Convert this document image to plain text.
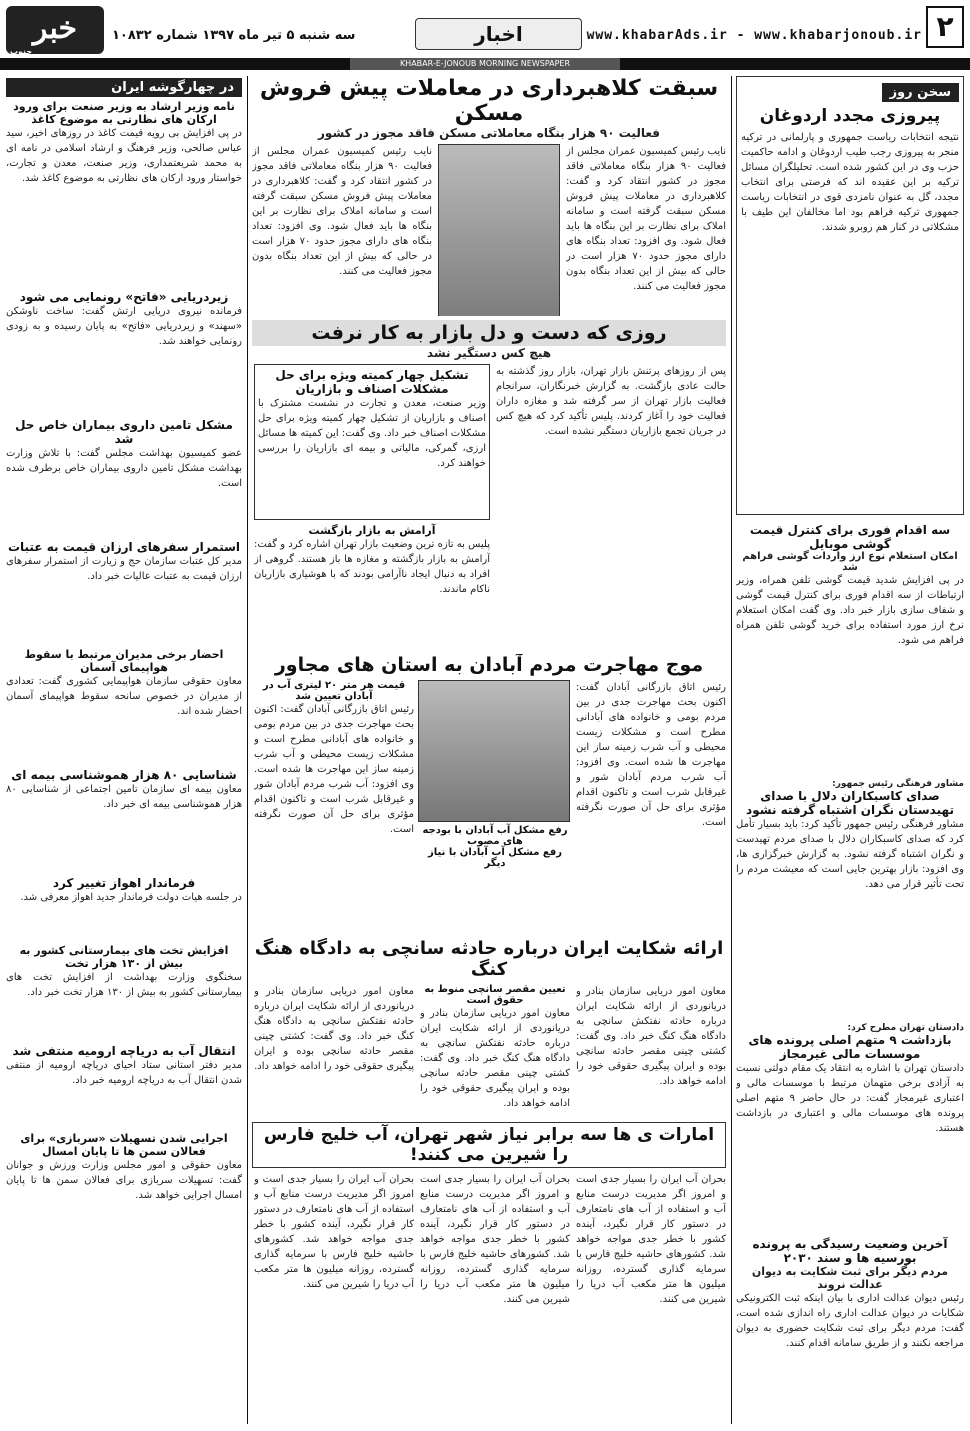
۲
www.khabarAds.ir - www.khabarjonoub.ir
اخبار
سه شنبه ۵ تیر ماه ۱۳۹۷ شماره ۱۰۸۳۲
خبر
جنوب
KHABAR-E-JONOUB MORNING NEWSPAPER
سخن روز

پیروزی مجدد اردوغان

نتیجه انتخابات ریاست جمهوری و پارلمانی در ترکیه منجر به پیروزی رجب طیب اردوغان و ادامه حاکمیت حزب وی در این کشور شده است. تحلیلگران مسائل ترکیه بر این عقیده اند که فرصتی برای انتخاب مجدد، گل به عنوان نامزدی قوی در انتخابات ریاست جمهوری ترکیه فراهم بود اما مخالفان این طیف با مشکلاتی در کنار هم روبرو شدند.

سه اقدام فوری برای کنترل قیمت گوشی موبایل

امکان استعلام نوع ارز واردات گوشی فراهم شد

در پی افزایش شدید قیمت گوشی تلفن همراه، وزیر ارتباطات از سه اقدام فوری برای کنترل قیمت گوشی و شفاف سازی بازار خبر داد. وی گفت امکان استعلام نرخ ارز مورد استفاده برای خرید گوشی تلفن همراه فراهم می شود.

مشاور فرهنگی رئیس جمهور:

صدای کاسبکاران دلال با صدای تهیدستان نگران اشتباه گرفته نشود

مشاور فرهنگی رئیس جمهور تأکید کرد: باید بسیار تأمل کرد که صدای کاسبکاران دلال با صدای مردم تهیدست و نگران اشتباه گرفته نشود. به گزارش خبرگزاری ها، وی افزود: بازار بهترین جایی است که معیشت مردم را تحت تأثیر قرار می دهد.

دادستان تهران مطرح کرد:

بازداشت ۹ متهم اصلی پرونده های موسسات مالی غیرمجاز

دادستان تهران با اشاره به انتقاد یک مقام دولتی نسبت به آزادی برخی متهمان مرتبط با موسسات مالی و اعتباری غیرمجاز گفت: در حال حاضر ۹ متهم اصلی پرونده های موسسات مالی و اعتباری در بازداشت هستند.

آخرین وضعیت رسیدگی به پرونده بورسیه ها و سند ۲۰۳۰

مردم دیگر برای ثبت شکایت به دیوان عدالت نروند

رئیس دیوان عدالت اداری با بیان اینکه ثبت الکترونیکی شکایات در دیوان عدالت اداری راه اندازی شده است، گفت: مردم دیگر برای ثبت شکایت حضوری به دیوان مراجعه نکنند و از طریق سامانه اقدام کنند.

سبقت کلاهبرداری در معاملات پیش فروش مسکن

فعالیت ۹۰ هزار بنگاه معاملاتی مسکن فاقد مجوز در کشور

نایب رئیس کمیسیون عمران مجلس از فعالیت ۹۰ هزار بنگاه معاملاتی فاقد مجوز در کشور انتقاد کرد و گفت: کلاهبرداری در معاملات پیش فروش مسکن سبقت گرفته است و سامانه املاک برای نظارت بر این بنگاه ها باید فعال شود. وی افزود: تعداد بنگاه های دارای مجوز حدود ۷۰ هزار است در حالی که بیش از این تعداد بنگاه بدون مجوز فعالیت می کنند.

نایب رئیس کمیسیون عمران مجلس از فعالیت ۹۰ هزار بنگاه معاملاتی فاقد مجوز در کشور انتقاد کرد و گفت: کلاهبرداری در معاملات پیش فروش مسکن سبقت گرفته است و سامانه املاک برای نظارت بر این بنگاه ها باید فعال شود. وی افزود: تعداد بنگاه های دارای مجوز حدود ۷۰ هزار است در حالی که بیش از این تعداد بنگاه بدون مجوز فعالیت می کنند.

روزی که دست و دل بازار به کار نرفت

هیچ کس دستگیر نشد

پس از روزهای پرتنش بازار تهران، بازار روز گذشته به حالت عادی بازگشت. به گزارش خبرنگاران، سرانجام فعالیت بازار تهران از سر گرفته شد و مغازه داران فعالیت خود را آغاز کردند. پلیس تأکید کرد که هیچ کس در جریان تجمع بازاریان دستگیر نشده است.

تشکیل چهار کمیته ویژه برای حل مشکلات اصناف و بازاریان

وزیر صنعت، معدن و تجارت در نشست مشترک با اصناف و بازاریان از تشکیل چهار کمیته ویژه برای حل مشکلات اصناف خبر داد. وی گفت: این کمیته ها مسائل ارزی، گمرکی، مالیاتی و بیمه ای بازاریان را بررسی خواهند کرد.

آرامش به بازار بازگشت

پلیس به تازه ترین وضعیت بازار تهران اشاره کرد و گفت: آرامش به بازار بازگشته و مغازه ها باز هستند. گروهی از افراد به دنبال ایجاد ناآرامی بودند که با هوشیاری بازاریان ناکام ماندند.

موج مهاجرت مردم آبادان به استان های مجاور

رئیس اتاق بازرگانی آبادان گفت: اکنون بحث مهاجرت جدی در بین مردم بومی و خانواده های آبادانی مطرح است و مشکلات زیست محیطی و آب شرب زمینه ساز این مهاجرت ها شده است. وی افزود: آب شرب مردم آبادان شور و غیرقابل شرب است و تاکنون اقدام مؤثری برای حل آن صورت نگرفته است.

رفع مشکل آب آبادان با بودجه های مصوب

رفع مشکل آب آبادان با نیاز دیگر

قیمت هر متر ۲۰ لیتری آب در آبادان تعیین شد

رئیس اتاق بازرگانی آبادان گفت: اکنون بحث مهاجرت جدی در بین مردم بومی و خانواده های آبادانی مطرح است و مشکلات زیست محیطی و آب شرب زمینه ساز این مهاجرت ها شده است. وی افزود: آب شرب مردم آبادان شور و غیرقابل شرب است و تاکنون اقدام مؤثری برای حل آن صورت نگرفته است.

ارائه شکایت ایران درباره حادثه سانچی به دادگاه هنگ کنگ

معاون امور دریایی سازمان بنادر و دریانوردی از ارائه شکایت ایران درباره حادثه نفتکش سانچی به دادگاه هنگ کنگ خبر داد. وی گفت: کشتی چینی مقصر حادثه سانچی بوده و ایران پیگیری حقوقی خود را ادامه خواهد داد.

تعیین مقصر سانچی منوط به حقوق است

معاون امور دریایی سازمان بنادر و دریانوردی از ارائه شکایت ایران درباره حادثه نفتکش سانچی به دادگاه هنگ کنگ خبر داد. وی گفت: کشتی چینی مقصر حادثه سانچی بوده و ایران پیگیری حقوقی خود را ادامه خواهد داد.

معاون امور دریایی سازمان بنادر و دریانوردی از ارائه شکایت ایران درباره حادثه نفتکش سانچی به دادگاه هنگ کنگ خبر داد. وی گفت: کشتی چینی مقصر حادثه سانچی بوده و ایران پیگیری حقوقی خود را ادامه خواهد داد.

امارات ی ها سه برابر نیاز شهر تهران، آب خلیج فارس را شیرین می کنند!

بحران آب ایران را بسیار جدی است و امروز اگر مدیریت درست منابع آب و استفاده از آب های نامتعارف در دستور کار قرار نگیرد، آینده کشور با خطر جدی مواجه خواهد شد. کشورهای حاشیه خلیج فارس با سرمایه گذاری گسترده، روزانه میلیون ها متر مکعب آب دریا را شیرین می کنند.

بحران آب ایران را بسیار جدی است و امروز اگر مدیریت درست منابع آب و استفاده از آب های نامتعارف در دستور کار قرار نگیرد، آینده کشور با خطر جدی مواجه خواهد شد. کشورهای حاشیه خلیج فارس با سرمایه گذاری گسترده، روزانه میلیون ها متر مکعب آب دریا را شیرین می کنند.

بحران آب ایران را بسیار جدی است و امروز اگر مدیریت درست منابع آب و استفاده از آب های نامتعارف در دستور کار قرار نگیرد، آینده کشور با خطر جدی مواجه خواهد شد. کشورهای حاشیه خلیج فارس با سرمایه گذاری گسترده، روزانه میلیون ها متر مکعب آب دریا را شیرین می کنند.

در چهارگوشه ایران

نامه وزیر ارشاد به وزیر صنعت برای ورود ارکان های نظارتی به موضوع کاغذ

در پی افزایش بی رویه قیمت کاغذ در روزهای اخیر، سید عباس صالحی، وزیر فرهنگ و ارشاد اسلامی در نامه ای به محمد شریعتمداری، وزیر صنعت، معدن و تجارت، خواستار ورود ارکان های نظارتی به موضوع کاغذ شد.

زیردریایی «فاتح» رونمایی می شود

فرمانده نیروی دریایی ارتش گفت: ساخت ناوشکن «سهند» و زیردریایی «فاتح» به پایان رسیده و به زودی رونمایی خواهند شد.

مشکل تامین داروی بیماران خاص حل شد

عضو کمیسیون بهداشت مجلس گفت: با تلاش وزارت بهداشت مشکل تامین داروی بیماران خاص برطرف شده است.

استمرار سفرهای ارزان قیمت به عتبات

مدیر کل عتبات سازمان حج و زیارت از استمرار سفرهای ارزان قیمت به عتبات عالیات خبر داد.

احضار برخی مدیران مرتبط با سقوط هواپیمای آسمان

معاون حقوقی سازمان هواپیمایی کشوری گفت: تعدادی از مدیران در خصوص سانحه سقوط هواپیمای آسمان احضار شده اند.

شناسایی ۸۰ هزار هموشناسی بیمه ای

معاون بیمه ای سازمان تامین اجتماعی از شناسایی ۸۰ هزار هموشناسی بیمه ای خبر داد.

فرماندار اهواز تغییر کرد

در جلسه هیات دولت فرماندار جدید اهواز معرفی شد.

افزایش تخت های بیمارستانی کشور به بیش از ۱۳۰ هزار تخت

سخنگوی وزارت بهداشت از افزایش تخت های بیمارستانی کشور به بیش از ۱۳۰ هزار تخت خبر داد.

انتقال آب به دریاچه ارومیه منتفی شد

مدیر دفتر استانی ستاد احیای دریاچه ارومیه از منتفی شدن انتقال آب به دریاچه ارومیه خبر داد.

اجرایی شدن تسهیلات «سربازی» برای فعالان سمن ها تا پایان امسال

معاون حقوقی و امور مجلس وزارت ورزش و جوانان گفت: تسهیلات سربازی برای فعالان سمن ها تا پایان امسال اجرایی خواهد شد.
